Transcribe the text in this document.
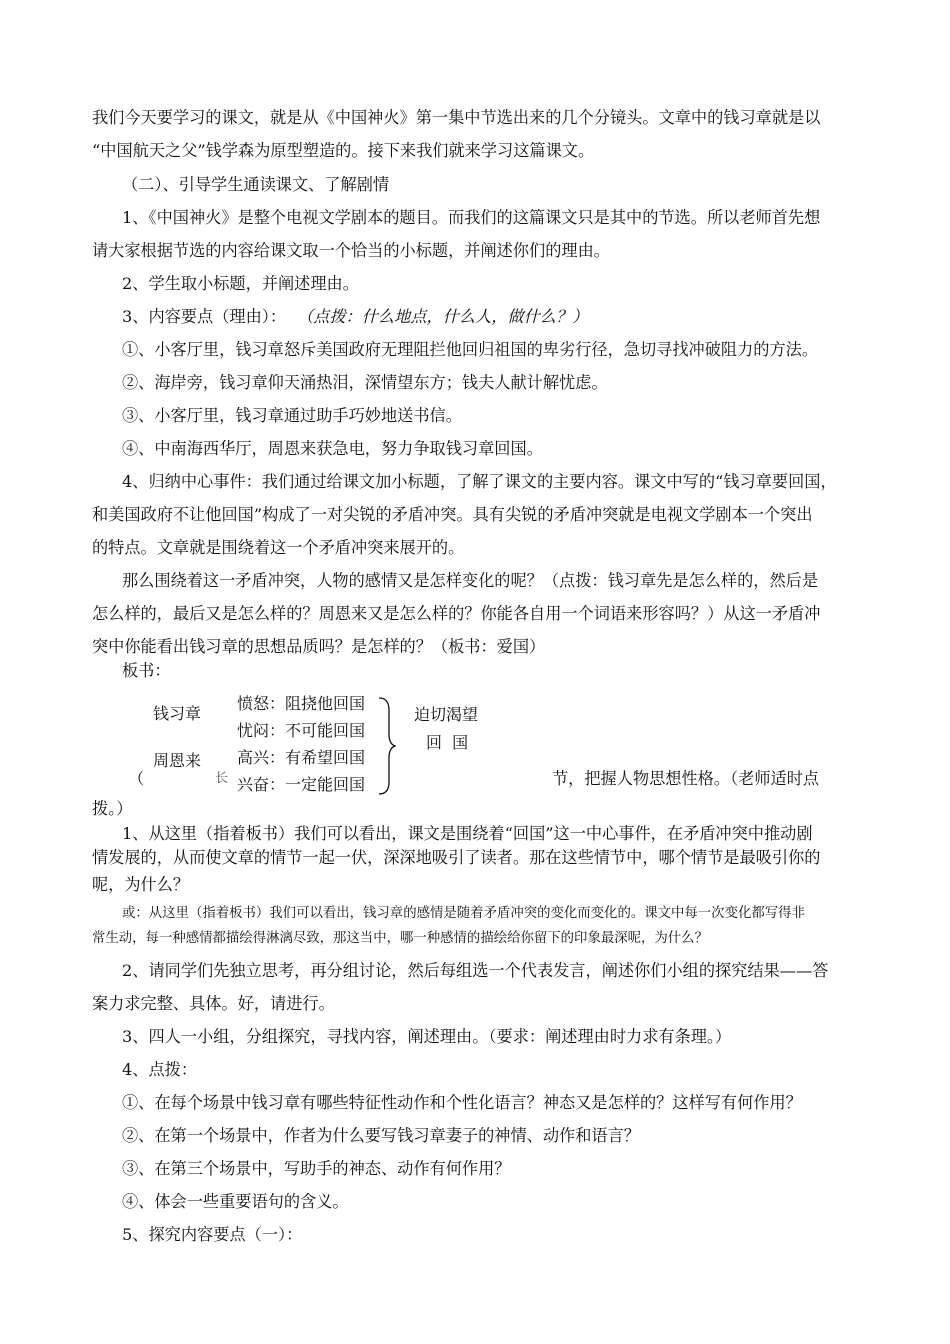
我们今天要学习的课文，就是从《中国神火》第一集中节选出来的几个分镜头。文章中的钱习章就是以
“中国航天之父”钱学森为原型塑造的。接下来我们就来学习这篇课文。
（二）、引导学生通读课文、了解剧情
1、《中国神火》是整个电视文学剧本的题目。而我们的这篇课文只是其中的节选。所以老师首先想
请大家根据节选的内容给课文取一个恰当的小标题，并阐述你们的理由。
2、学生取小标题，并阐述理由。
3、内容要点（理由）： （点拨：什么地点，什么人，做什么？）
①、小客厅里，钱习章怒斥美国政府无理阻拦他回归祖国的卑劣行径，急切寻找冲破阻力的方法。
②、海岸旁，钱习章仰天涌热泪，深情望东方；钱夫人献计解忧虑。
③、小客厅里，钱习章通过助手巧妙地送书信。
④、中南海西华厅，周恩来获急电，努力争取钱习章回国。
4、归纳中心事件：我们通过给课文加小标题，了解了课文的主要内容。课文中写的“钱习章要回国，
和美国政府不让他回国”构成了一对尖锐的矛盾冲突。具有尖锐的矛盾冲突就是电视文学剧本一个突出
的特点。文章就是围绕着这一个矛盾冲突来展开的。
那么围绕着这一矛盾冲突，人物的感情又是怎样变化的呢？（点拨：钱习章先是怎么样的，然后是
怎么样的，最后又是怎么样的？周恩来又是怎么样的？你能各自用一个词语来形容吗？）从这一矛盾冲
突中你能看出钱习章的思想品质吗？是怎样的？（板书：爱国）
板书：
（	长	节，把握人物思想性格。（老师适时点
拨。）
钱习章
周恩来
愤怒：阻挠他回国
忧闷：不可能回国
高兴：有希望回国
兴奋：一定能回国
迫切渴望
回  国
1、从这里（指着板书）我们可以看出，课文是围绕着“回国”这一中心事件，在矛盾冲突中推动剧
情发展的，从而使文章的情节一起一伏，深深地吸引了读者。那在这些情节中，哪个情节是最吸引你的
呢，为什么？
或：从这里（指着板书）我们可以看出，钱习章的感情是随着矛盾冲突的变化而变化的。课文中每一次变化都写得非
常生动，每一种感情都描绘得淋漓尽致，那这当中，哪一种感情的描绘给你留下的印象最深呢，为什么？
2、请同学们先独立思考，再分组讨论，然后每组选一个代表发言，阐述你们小组的探究结果——答
案力求完整、具体。好，请进行。
3、四人一小组，分组探究，寻找内容，阐述理由。（要求：阐述理由时力求有条理。）
4、点拨：
①、在每个场景中钱习章有哪些特征性动作和个性化语言？神态又是怎样的？这样写有何作用？
②、在第一个场景中，作者为什么要写钱习章妻子的神情、动作和语言？
③、在第三个场景中，写助手的神态、动作有何作用？
④、体会一些重要语句的含义。
5、探究内容要点（一）：
